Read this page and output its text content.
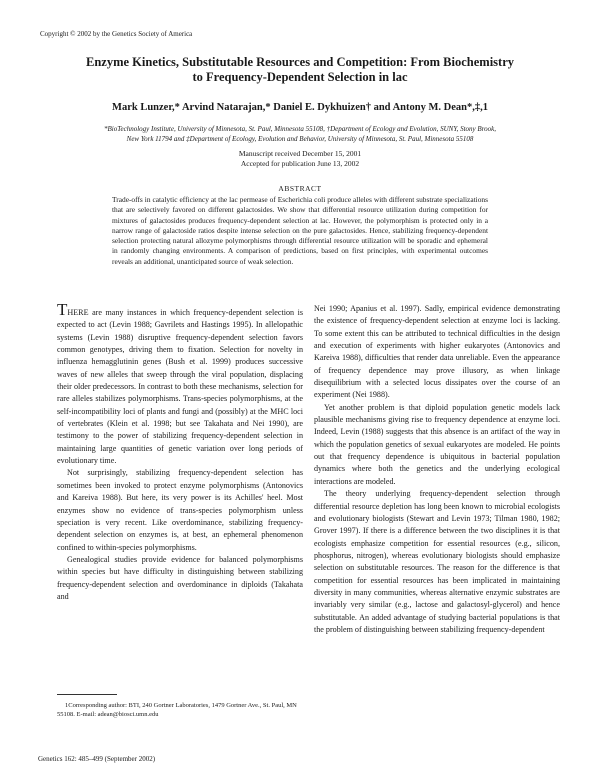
Copyright © 2002 by the Genetics Society of America
Enzyme Kinetics, Substitutable Resources and Competition: From Biochemistry
to Frequency-Dependent Selection in lac
Mark Lunzer,* Arvind Natarajan,* Daniel E. Dykhuizen† and Antony M. Dean*,‡,1
*BioTechnology Institute, University of Minnesota, St. Paul, Minnesota 55108, †Department of Ecology and Evolution, SUNY, Stony Brook,
New York 11794 and ‡Department of Ecology, Evolution and Behavior, University of Minnesota, St. Paul, Minnesota 55108
Manuscript received December 15, 2001
Accepted for publication June 13, 2002
ABSTRACT
Trade-offs in catalytic efficiency at the lac permease of Escherichia coli produce alleles with different substrate specializations that are selectively favored on different galactosides. We show that differential resource utilization during competition for mixtures of galactosides produces frequency-dependent selection at lac. However, the polymorphism is protected only in a narrow range of galactoside ratios despite intense selection on the pure galactosides. Hence, stabilizing frequency-dependent selection protecting natural allozyme polymorphisms through differential resource utilization will be sporadic and ephemeral in randomly changing environments. A comparison of predictions, based on first principles, with experimental outcomes reveals an additional, unanticipated source of weak selection.

THERE are many instances in which frequency-dependent selection is expected to act (Levin 1988; Gavrilets and Hastings 1995). In allelopathic systems (Levin 1988) disruptive frequency-dependent selection favors common genotypes, driving them to fixation. Selection for novelty in influenza hemagglutinin genes (Bush et al. 1999) produces successive waves of new alleles that sweep through the viral population, displacing their older predecessors. In contrast to both these mechanisms, selection for rare alleles stabilizes polymorphisms. Trans-species polymorphisms, at the self-incompatibility loci of plants and fungi and (possibly) at the MHC loci of vertebrates (Klein et al. 1998; but see Takahata and Nei 1990), are testimony to the power of stabilizing frequency-dependent selection in maintaining large quantities of genetic variation over long periods of evolutionary time.

Not surprisingly, stabilizing frequency-dependent selection has sometimes been invoked to protect enzyme polymorphisms (Antonovics and Kareiva 1988). But here, its very power is its Achilles' heel. Most enzymes show no evidence of trans-species polymorphism unless speciation is very recent. Like overdominance, stabilizing frequency-dependent selection on enzymes is, at best, an ephemeral phenomenon confined to within-species polymorphisms.

Genealogical studies provide evidence for balanced polymorphisms within species but have difficulty in distinguishing between stabilizing frequency-dependent selection and overdominance in diploids (Takahata and

Nei 1990; Apanius et al. 1997). Sadly, empirical evidence demonstrating the existence of frequency-dependent selection at enzyme loci is lacking. To some extent this can be attributed to technical difficulties in the design and execution of experiments with higher eukaryotes (Antonovics and Kareiva 1988), difficulties that render data unreliable. Even the appearance of frequency dependence may prove illusory, as when linkage disequilibrium with a selected locus dissipates over the course of an experiment (Nei 1988).

Yet another problem is that diploid population genetic models lack plausible mechanisms giving rise to frequency dependence at enzyme loci. Indeed, Levin (1988) suggests that this absence is an artifact of the way in which the population genetics of sexual eukaryotes are modeled. He points out that frequency dependence is ubiquitous in bacterial population dynamics where both the genetics and the underlying ecological interactions are modeled.

The theory underlying frequency-dependent selection through differential resource depletion has long been known to microbial ecologists and evolutionary biologists (Stewart and Levin 1973; Tilman 1980, 1982; Grover 1997). If there is a difference between the two disciplines it is that ecologists emphasize competition for essential resources (e.g., silicon, phosphorus, nitrogen), whereas evolutionary biologists should emphasize selection on substitutable resources. The reason for the difference is that competition for essential resources has been implicated in maintaining diversity in many communities, whereas alternative enzymic substrates are invariably very similar (e.g., lactose and galactosyl-glycerol) and hence substitutable. An added advantage of studying bacterial populations is that the problem of distinguishing between stabilizing frequency-dependent

1Corresponding author: BTI, 240 Gortner Laboratories, 1479 Gortner Ave., St. Paul, MN 55108. E-mail: adean@biosci.umn.edu
Genetics 162: 485–499 (September 2002)
